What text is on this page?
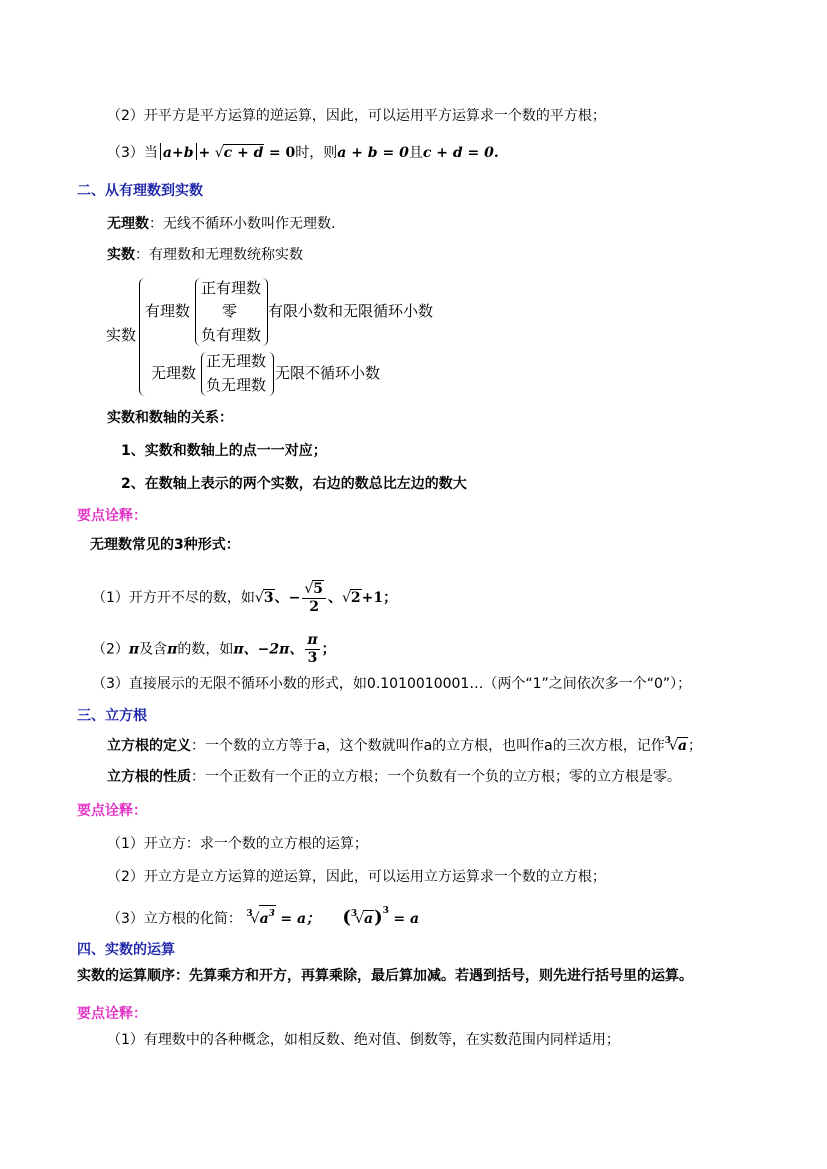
（2）开平方是平方运算的逆运算，因此，可以运用平方运算求一个数的平方根；
（3）当 a+b + √c + d = 0时，则a + b = 0且c + d = 0.
二、从有理数到实数
无理数：无线不循环小数叫作无理数.
实数：有理数和无理数统称实数
实数
有理数
正有理数
零
负有理数
有限小数和无限循环小数
无理数
正无理数
负无理数
无限不循环小数
实数和数轴的关系：
1、实数和数轴上的点一一对应；
2、在数轴上表示的两个实数，右边的数总比左边的数大
要点诠释：
无理数常见的3种形式：
（1）开方开不尽的数，如√3、− $\frac{√5}{2}$ 、√2+1；
（2）π及含π的数，如π、−2π、 $\frac{\pi}{3}$ ；
（3）直接展示的无限不循环小数的形式，如0.1010010001…（两个“1”之间依次多一个“0”）；
三、立方根
立方根的定义：一个数的立方等于a，这个数就叫作a的立方根，也叫作a的三次方根，记作$^3$√a；
立方根的性质：一个正数有一个正的立方根；一个负数有一个负的立方根；零的立方根是零。
要点诠释：
（1）开立方：求一个数的立方根的运算；
（2）开立方是立方运算的逆运算，因此，可以运用立方运算求一个数的立方根；
（3）立方根的化简： $^3√a^3 = a$； $(^3√a)^3 = a$
四、实数的运算
实数的运算顺序：先算乘方和开方，再算乘除，最后算加减。若遇到括号，则先进行括号里的运算。
要点诠释：
（1）有理数中的各种概念，如相反数、绝对值、倒数等，在实数范围内同样适用；
